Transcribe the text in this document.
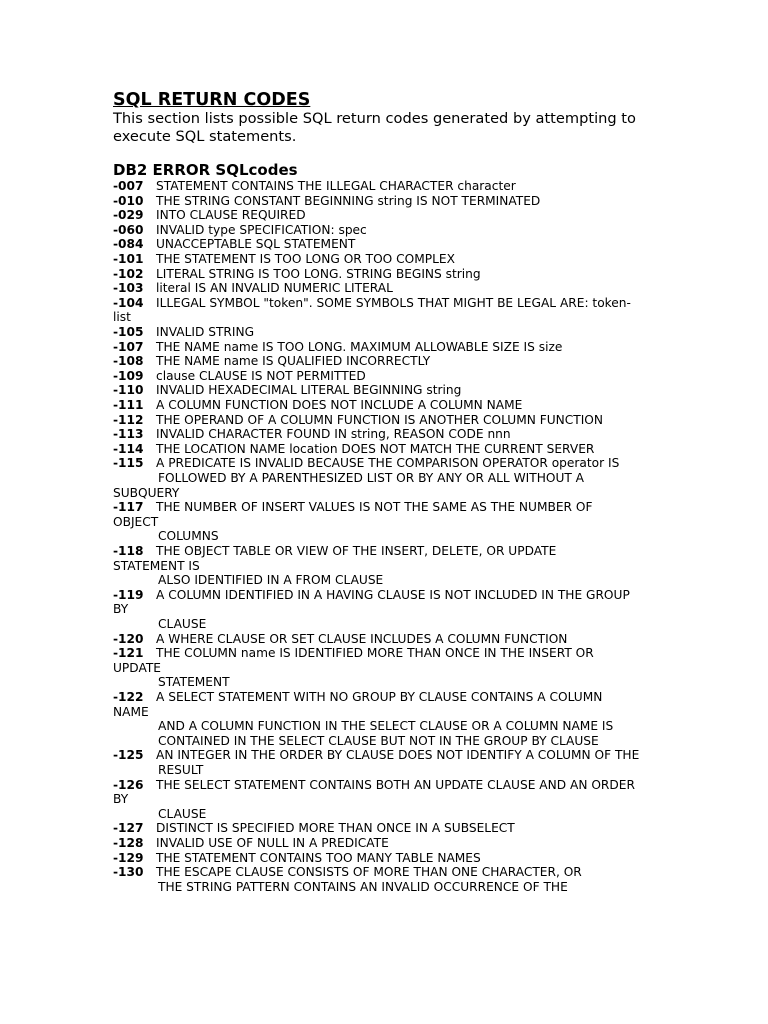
SQL RETURN CODES

This section lists possible SQL return codes generated by attempting to
execute SQL statements.

DB2 ERROR SQLcodes
-007 STATEMENT CONTAINS THE ILLEGAL CHARACTER character
-010 THE STRING CONSTANT BEGINNING string IS NOT TERMINATED
-029 INTO CLAUSE REQUIRED
-060 INVALID type SPECIFICATION: spec
-084 UNACCEPTABLE SQL STATEMENT
-101 THE STATEMENT IS TOO LONG OR TOO COMPLEX
-102 LITERAL STRING IS TOO LONG. STRING BEGINS string
-103 literal IS AN INVALID NUMERIC LITERAL
-104 ILLEGAL SYMBOL "token". SOME SYMBOLS THAT MIGHT BE LEGAL ARE: token-
list
-105 INVALID STRING
-107 THE NAME name IS TOO LONG. MAXIMUM ALLOWABLE SIZE IS size
-108 THE NAME name IS QUALIFIED INCORRECTLY
-109 clause CLAUSE IS NOT PERMITTED
-110 INVALID HEXADECIMAL LITERAL BEGINNING string
-111 A COLUMN FUNCTION DOES NOT INCLUDE A COLUMN NAME
-112 THE OPERAND OF A COLUMN FUNCTION IS ANOTHER COLUMN FUNCTION
-113 INVALID CHARACTER FOUND IN string, REASON CODE nnn
-114 THE LOCATION NAME location DOES NOT MATCH THE CURRENT SERVER
-115 A PREDICATE IS INVALID BECAUSE THE COMPARISON OPERATOR operator IS
FOLLOWED BY A PARENTHESIZED LIST OR BY ANY OR ALL WITHOUT A
SUBQUERY
-117 THE NUMBER OF INSERT VALUES IS NOT THE SAME AS THE NUMBER OF
OBJECT
COLUMNS
-118 THE OBJECT TABLE OR VIEW OF THE INSERT, DELETE, OR UPDATE
STATEMENT IS
ALSO IDENTIFIED IN A FROM CLAUSE
-119 A COLUMN IDENTIFIED IN A HAVING CLAUSE IS NOT INCLUDED IN THE GROUP
BY
CLAUSE
-120 A WHERE CLAUSE OR SET CLAUSE INCLUDES A COLUMN FUNCTION
-121 THE COLUMN name IS IDENTIFIED MORE THAN ONCE IN THE INSERT OR
UPDATE
STATEMENT
-122 A SELECT STATEMENT WITH NO GROUP BY CLAUSE CONTAINS A COLUMN
NAME
AND A COLUMN FUNCTION IN THE SELECT CLAUSE OR A COLUMN NAME IS
CONTAINED IN THE SELECT CLAUSE BUT NOT IN THE GROUP BY CLAUSE
-125 AN INTEGER IN THE ORDER BY CLAUSE DOES NOT IDENTIFY A COLUMN OF THE
RESULT
-126 THE SELECT STATEMENT CONTAINS BOTH AN UPDATE CLAUSE AND AN ORDER
BY
CLAUSE
-127 DISTINCT IS SPECIFIED MORE THAN ONCE IN A SUBSELECT
-128 INVALID USE OF NULL IN A PREDICATE
-129 THE STATEMENT CONTAINS TOO MANY TABLE NAMES
-130 THE ESCAPE CLAUSE CONSISTS OF MORE THAN ONE CHARACTER, OR
THE STRING PATTERN CONTAINS AN INVALID OCCURRENCE OF THE
